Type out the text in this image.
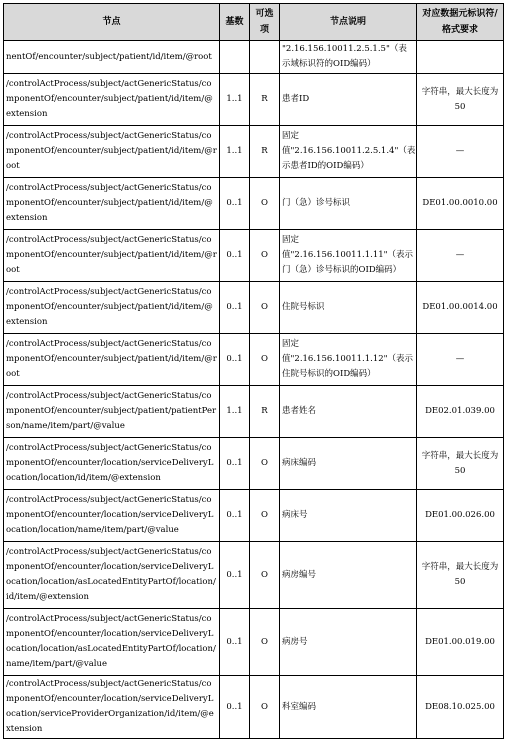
节点	基数	可选项	节点说明	对应数据元标识符/格式要求
nentOf/encounter/subject/patient/id/item/@root			"2.16.156.10011.2.5.1.5"（表示域标识符的OID编码）	
/controlActProcess/subject/actGenericStatus/componentOf/encounter/subject/patient/id/item/@extension	1..1	R	患者ID	字符串，最大长度为50
/controlActProcess/subject/actGenericStatus/componentOf/encounter/subject/patient/id/item/@root	1..1	R	固定值"2.16.156.10011.2.5.1.4"（表示患者ID的OID编码）	—
/controlActProcess/subject/actGenericStatus/componentOf/encounter/subject/patient/id/item/@extension	0..1	O	门（急）诊号标识	DE01.00.0010.00
/controlActProcess/subject/actGenericStatus/componentOf/encounter/subject/patient/id/item/@root	0..1	O	固定值"2.16.156.10011.1.11"（表示门（急）诊号标识的OID编码）	—
/controlActProcess/subject/actGenericStatus/componentOf/encounter/subject/patient/id/item/@extension	0..1	O	住院号标识	DE01.00.0014.00
/controlActProcess/subject/actGenericStatus/componentOf/encounter/subject/patient/id/item/@root	0..1	O	固定值"2.16.156.10011.1.12"（表示住院号标识的OID编码）	—
/controlActProcess/subject/actGenericStatus/componentOf/encounter/subject/patient/patientPerson/name/item/part/@value	1..1	R	患者姓名	DE02.01.039.00
/controlActProcess/subject/actGenericStatus/componentOf/encounter/location/serviceDeliveryLocation/location/id/item/@extension	0..1	O	病床编码	字符串，最大长度为50
/controlActProcess/subject/actGenericStatus/componentOf/encounter/location/serviceDeliveryLocation/location/name/item/part/@value	0..1	O	病床号	DE01.00.026.00
/controlActProcess/subject/actGenericStatus/componentOf/encounter/location/serviceDeliveryLocation/location/asLocatedEntityPartOf/location/id/item/@extension	0..1	O	病房编号	字符串，最大长度为50
/controlActProcess/subject/actGenericStatus/componentOf/encounter/location/serviceDeliveryLocation/location/asLocatedEntityPartOf/location/name/item/part/@value	0..1	O	病房号	DE01.00.019.00
/controlActProcess/subject/actGenericStatus/componentOf/encounter/location/serviceDeliveryLocation/serviceProviderOrganization/id/item/@extension	0..1	O	科室编码	DE08.10.025.00
